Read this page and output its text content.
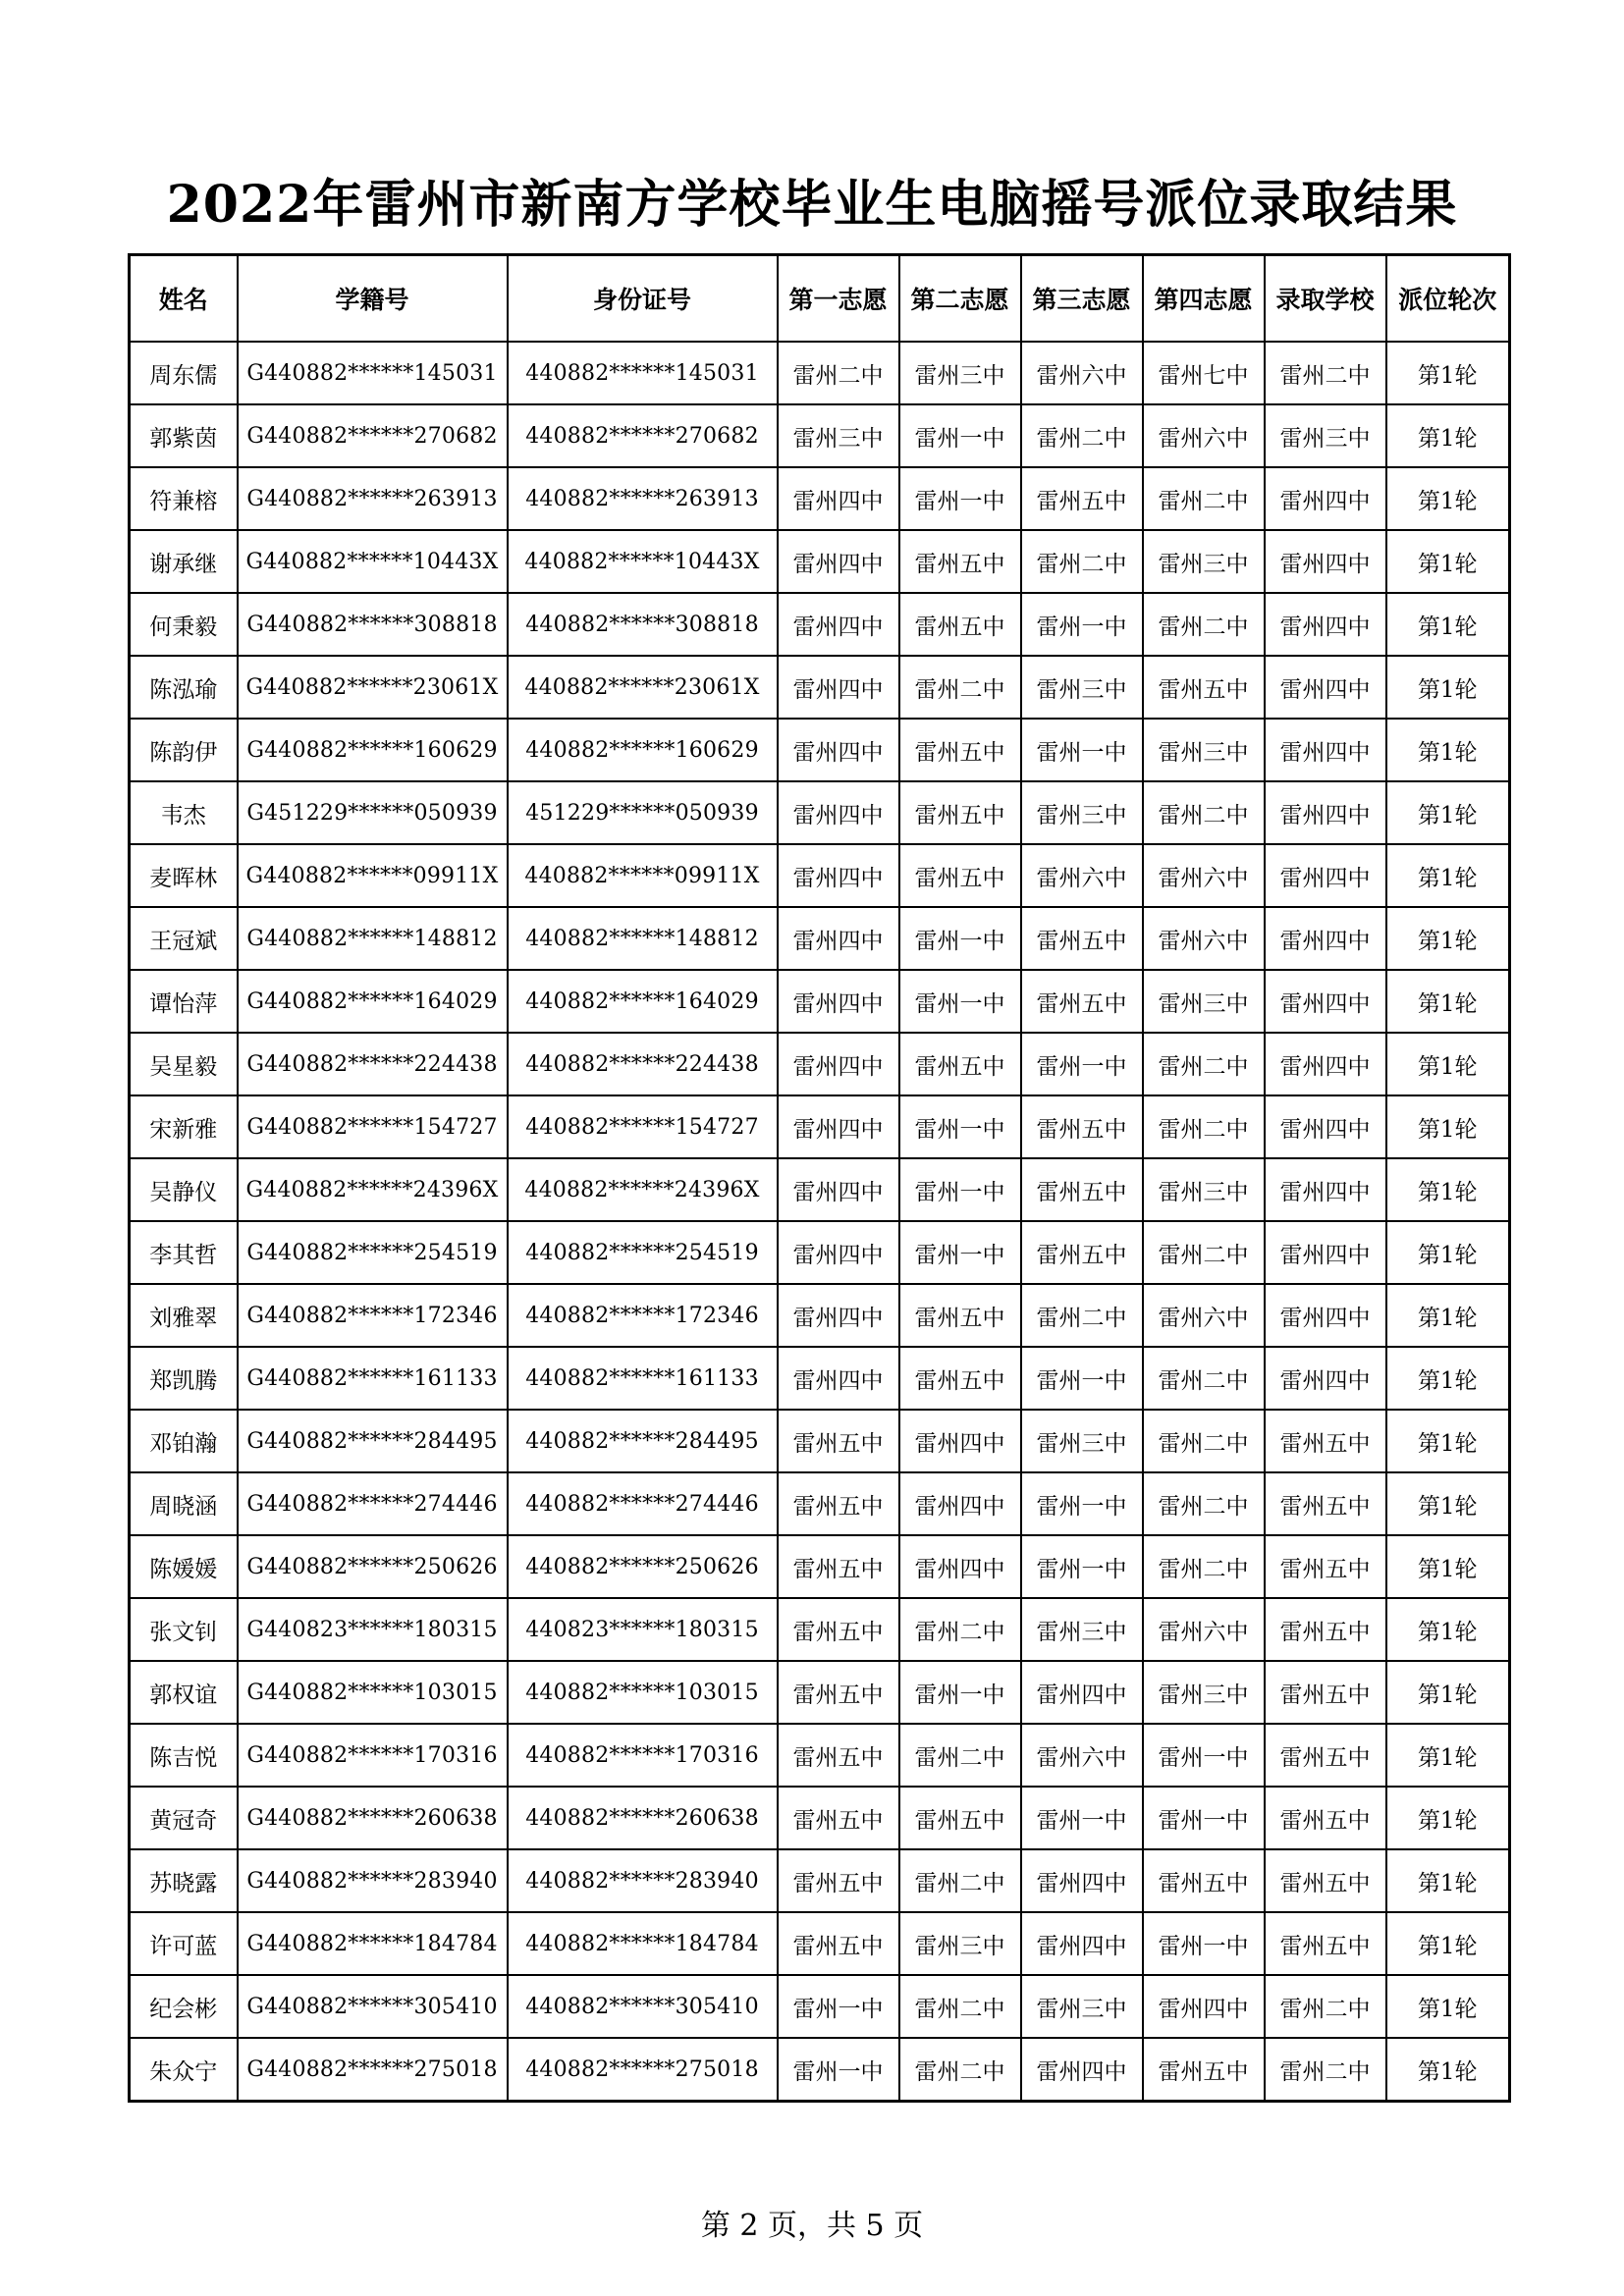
2022年雷州市新南方学校毕业生电脑摇号派位录取结果
姓名	学籍号	身份证号	第一志愿	第二志愿	第三志愿	第四志愿	录取学校	派位轮次
周东儒	G440882******145031	440882******145031	雷州二中	雷州三中	雷州六中	雷州七中	雷州二中	第1轮
郭紫茵	G440882******270682	440882******270682	雷州三中	雷州一中	雷州二中	雷州六中	雷州三中	第1轮
符兼榕	G440882******263913	440882******263913	雷州四中	雷州一中	雷州五中	雷州二中	雷州四中	第1轮
谢承继	G440882******10443X	440882******10443X	雷州四中	雷州五中	雷州二中	雷州三中	雷州四中	第1轮
何秉毅	G440882******308818	440882******308818	雷州四中	雷州五中	雷州一中	雷州二中	雷州四中	第1轮
陈泓瑜	G440882******23061X	440882******23061X	雷州四中	雷州二中	雷州三中	雷州五中	雷州四中	第1轮
陈韵伊	G440882******160629	440882******160629	雷州四中	雷州五中	雷州一中	雷州三中	雷州四中	第1轮
韦杰	G451229******050939	451229******050939	雷州四中	雷州五中	雷州三中	雷州二中	雷州四中	第1轮
麦晖林	G440882******09911X	440882******09911X	雷州四中	雷州五中	雷州六中	雷州六中	雷州四中	第1轮
王冠斌	G440882******148812	440882******148812	雷州四中	雷州一中	雷州五中	雷州六中	雷州四中	第1轮
谭怡萍	G440882******164029	440882******164029	雷州四中	雷州一中	雷州五中	雷州三中	雷州四中	第1轮
吴星毅	G440882******224438	440882******224438	雷州四中	雷州五中	雷州一中	雷州二中	雷州四中	第1轮
宋新雅	G440882******154727	440882******154727	雷州四中	雷州一中	雷州五中	雷州二中	雷州四中	第1轮
吴静仪	G440882******24396X	440882******24396X	雷州四中	雷州一中	雷州五中	雷州三中	雷州四中	第1轮
李其哲	G440882******254519	440882******254519	雷州四中	雷州一中	雷州五中	雷州二中	雷州四中	第1轮
刘雅翠	G440882******172346	440882******172346	雷州四中	雷州五中	雷州二中	雷州六中	雷州四中	第1轮
郑凯腾	G440882******161133	440882******161133	雷州四中	雷州五中	雷州一中	雷州二中	雷州四中	第1轮
邓铂瀚	G440882******284495	440882******284495	雷州五中	雷州四中	雷州三中	雷州二中	雷州五中	第1轮
周晓涵	G440882******274446	440882******274446	雷州五中	雷州四中	雷州一中	雷州二中	雷州五中	第1轮
陈媛媛	G440882******250626	440882******250626	雷州五中	雷州四中	雷州一中	雷州二中	雷州五中	第1轮
张文钊	G440823******180315	440823******180315	雷州五中	雷州二中	雷州三中	雷州六中	雷州五中	第1轮
郭权谊	G440882******103015	440882******103015	雷州五中	雷州一中	雷州四中	雷州三中	雷州五中	第1轮
陈吉悦	G440882******170316	440882******170316	雷州五中	雷州二中	雷州六中	雷州一中	雷州五中	第1轮
黄冠奇	G440882******260638	440882******260638	雷州五中	雷州五中	雷州一中	雷州一中	雷州五中	第1轮
苏晓露	G440882******283940	440882******283940	雷州五中	雷州二中	雷州四中	雷州五中	雷州五中	第1轮
许可蓝	G440882******184784	440882******184784	雷州五中	雷州三中	雷州四中	雷州一中	雷州五中	第1轮
纪会彬	G440882******305410	440882******305410	雷州一中	雷州二中	雷州三中	雷州四中	雷州二中	第1轮
朱众宁	G440882******275018	440882******275018	雷州一中	雷州二中	雷州四中	雷州五中	雷州二中	第1轮
第 2 页，共 5 页
